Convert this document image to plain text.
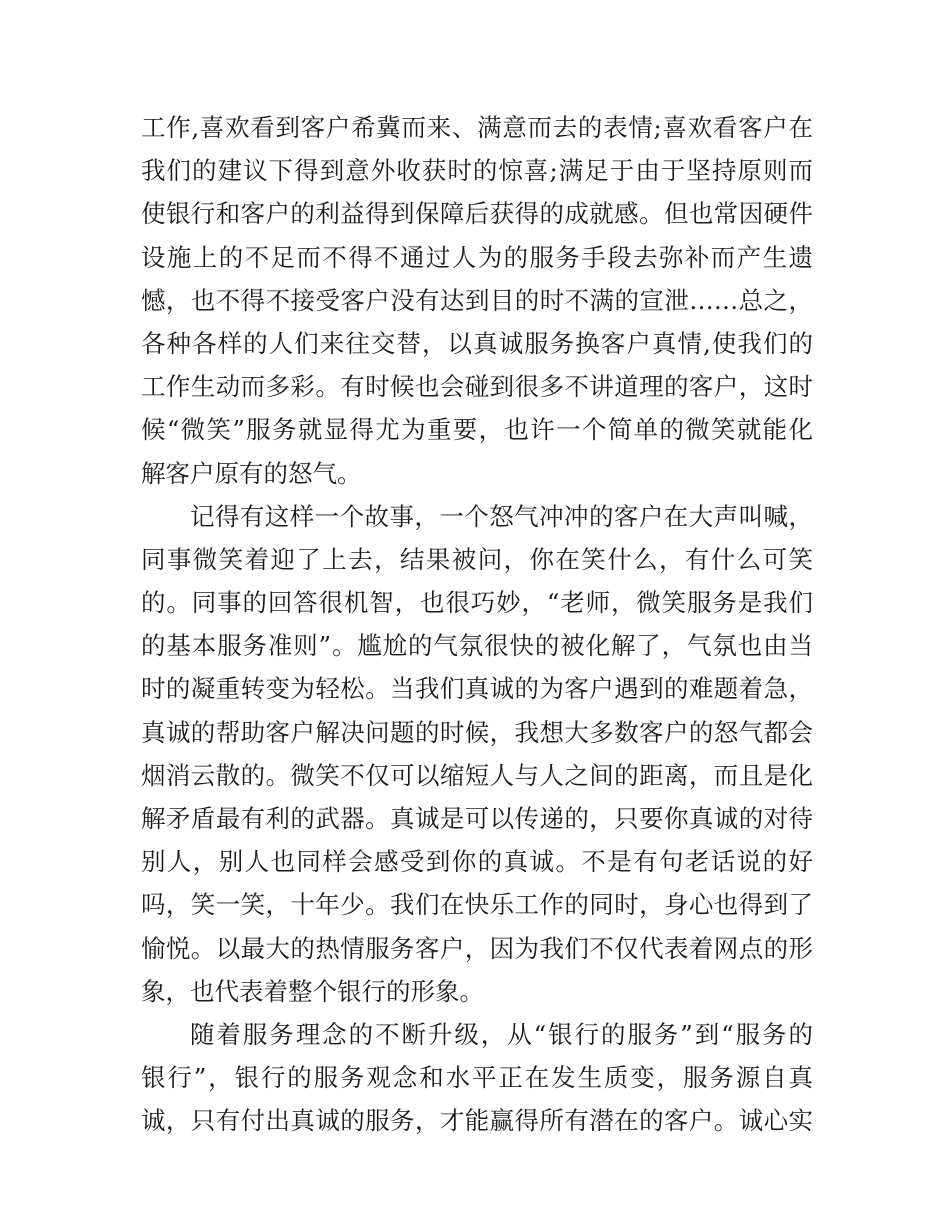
工作,喜欢看到客户希冀而来、满意而去的表情;喜欢看客户在
我们的建议下得到意外收获时的惊喜;满足于由于坚持原则而
使银行和客户的利益得到保障后获得的成就感。但也常因硬件
设施上的不足而不得不通过人为的服务手段去弥补而产生遗
憾，也不得不接受客户没有达到目的时不满的宣泄……总之，
各种各样的人们来往交替，以真诚服务换客户真情,使我们的
工作生动而多彩。有时候也会碰到很多不讲道理的客户，这时
候“微笑”服务就显得尤为重要，也许一个简单的微笑就能化
解客户原有的怒气。
记得有这样一个故事，一个怒气冲冲的客户在大声叫喊，
同事微笑着迎了上去，结果被问，你在笑什么，有什么可笑
的。同事的回答很机智，也很巧妙，“老师，微笑服务是我们
的基本服务准则”。尴尬的气氛很快的被化解了，气氛也由当
时的凝重转变为轻松。当我们真诚的为客户遇到的难题着急，
真诚的帮助客户解决问题的时候，我想大多数客户的怒气都会
烟消云散的。微笑不仅可以缩短人与人之间的距离，而且是化
解矛盾最有利的武器。真诚是可以传递的，只要你真诚的对待
别人，别人也同样会感受到你的真诚。不是有句老话说的好
吗，笑一笑，十年少。我们在快乐工作的同时，身心也得到了
愉悦。以最大的热情服务客户，因为我们不仅代表着网点的形
象，也代表着整个银行的形象。
随着服务理念的不断升级，从“银行的服务”到“服务的
银行”，银行的服务观念和水平正在发生质变，服务源自真
诚，只有付出真诚的服务，才能赢得所有潜在的客户。诚心实
